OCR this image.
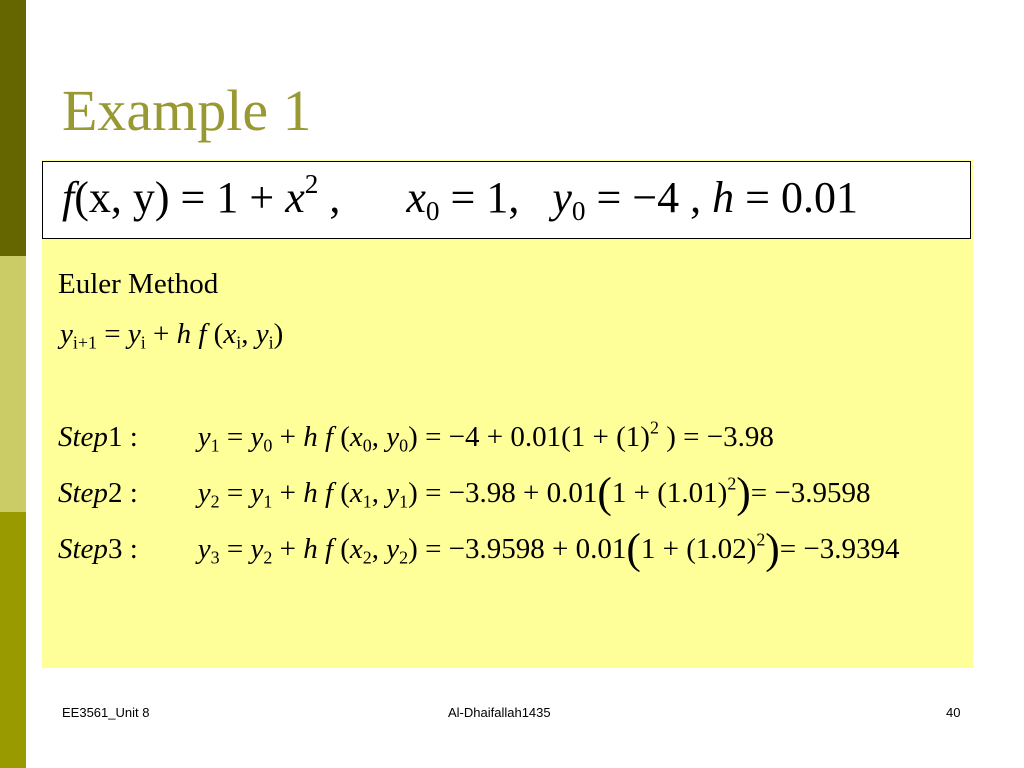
Example 1
f(x, $y) = 1 + x^2$ ,      $x_0 = 1$, $y_0 = -4$ , h = 0.01
Euler Method
$y_{i+1} = y_i + h$ f ($x_i$, $y_i$)
Step1 : $y_1 = y_0 + h$ f ($x_0$, $y_0) = -4 + 0.01(1 + (1)^2$ ) = −3.98
Step2 : $y_2 = y_1 + h$ f ($x_1$, $y_1) = -3.98 + 0.01(1 + (1.01)^2)= -3.9598$
Step3 : $y_3 = y_2 + h$ f ($x_2$, $y_2) = -3.9598 + 0.01(1 + (1.02)^2)= -3.9394$
EE3561_Unit 8	Al-Dhaifallah1435	40
